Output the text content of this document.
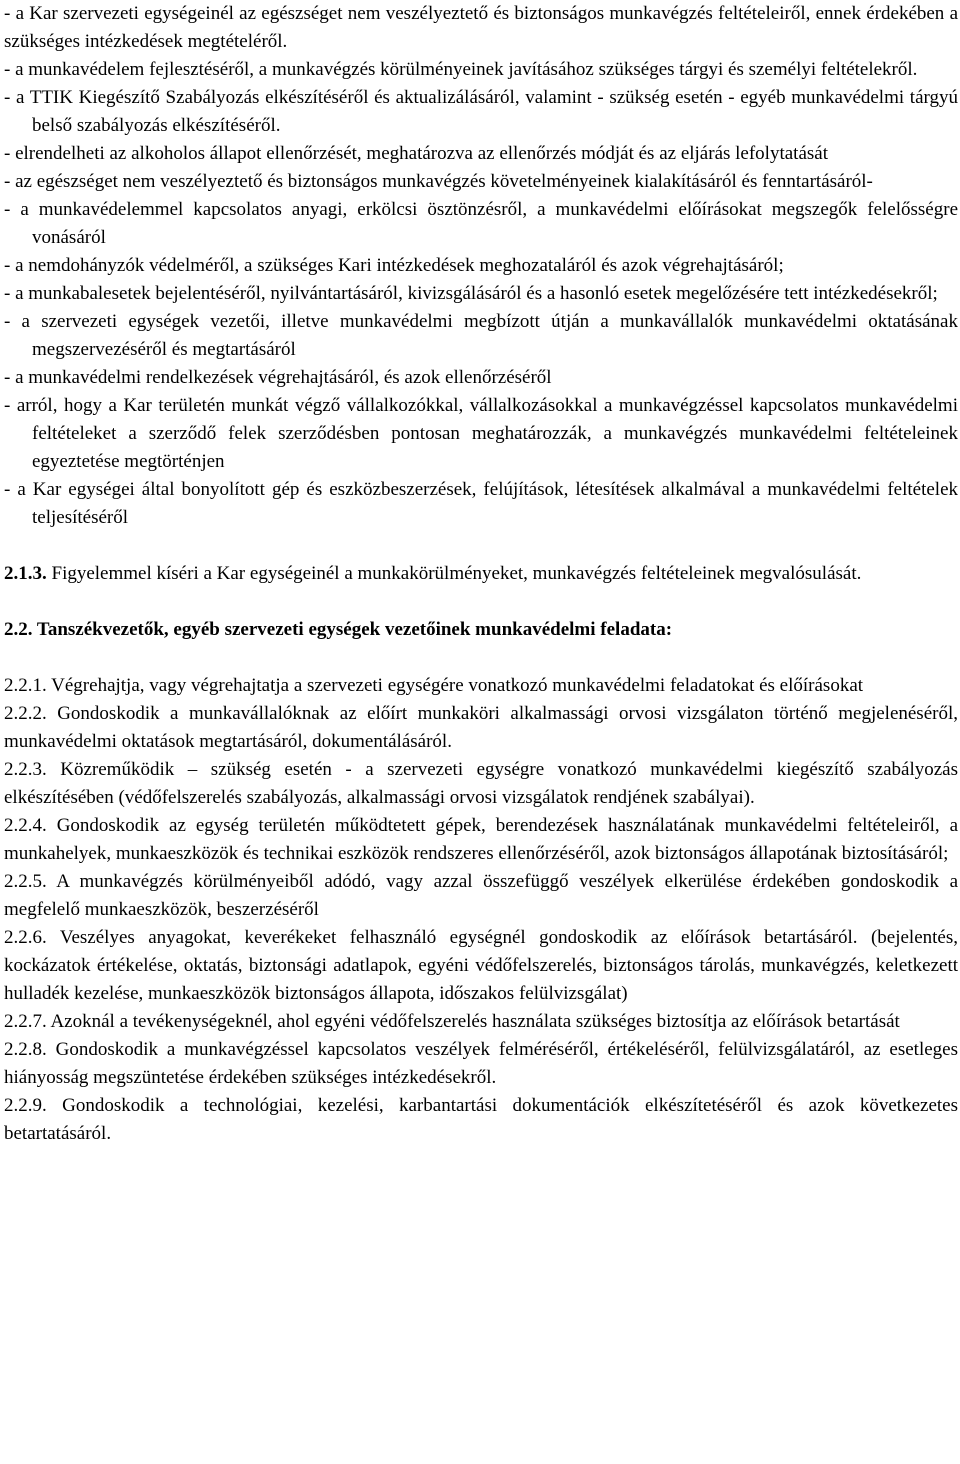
- a Kar szervezeti egységeinél az egészséget nem veszélyeztető és biztonságos munkavégzés feltételeiről, ennek érdekében a szükséges intézkedések megtételéről.

- a munkavédelem fejlesztéséről, a munkavégzés körülményeinek javításához szükséges tárgyi és személyi feltételekről.

- a TTIK Kiegészítő Szabályozás elkészítéséről és aktualizálásáról, valamint - szükség esetén - egyéb munkavédelmi tárgyú belső szabályozás elkészítéséről.

- elrendelheti az alkoholos állapot ellenőrzését, meghatározva az ellenőrzés módját és az eljárás lefolytatását

- az egészséget nem veszélyeztető és biztonságos munkavégzés követelményeinek kialakításáról és fenntartásáról-

- a munkavédelemmel kapcsolatos anyagi, erkölcsi ösztönzésről, a munkavédelmi előírásokat megszegők felelősségre vonásáról

- a nemdohányzók védelméről, a szükséges Kari intézkedések meghozataláról és azok végrehajtásáról;

- a munkabalesetek bejelentéséről, nyilvántartásáról, kivizsgálásáról és a hasonló esetek megelőzésére tett intézkedésekről;

- a szervezeti egységek vezetői, illetve munkavédelmi megbízott útján a munkavállalók munkavédelmi oktatásának megszervezéséről és megtartásáról

- a munkavédelmi rendelkezések végrehajtásáról, és azok ellenőrzéséről

- arról, hogy a Kar területén munkát végző vállalkozókkal, vállalkozásokkal a munkavégzéssel kapcsolatos munkavédelmi feltételeket a szerződő felek szerződésben pontosan meghatározzák, a munkavégzés munkavédelmi feltételeinek egyeztetése megtörténjen

- a Kar egységei által bonyolított gép és eszközbeszerzések, felújítások, létesítések alkalmával a munkavédelmi feltételek teljesítéséről

2.1.3. Figyelemmel kíséri a Kar egységeinél a munkakörülményeket, munkavégzés feltételeinek megvalósulását.

2.2. Tanszékvezetők, egyéb szervezeti egységek vezetőinek munkavédelmi feladata:

2.2.1. Végrehajtja, vagy végrehajtatja a szervezeti egységére vonatkozó munkavédelmi feladatokat és előírásokat

2.2.2. Gondoskodik a munkavállalóknak az előírt munkaköri alkalmassági orvosi vizsgálaton történő megjelenéséről, munkavédelmi oktatások megtartásáról, dokumentálásáról.

2.2.3. Közreműködik – szükség esetén - a szervezeti egységre vonatkozó munkavédelmi kiegészítő szabályozás elkészítésében (védőfelszerelés szabályozás, alkalmassági orvosi vizsgálatok rendjének szabályai).

2.2.4. Gondoskodik az egység területén működtetett gépek, berendezések használatának munkavédelmi feltételeiről, a munkahelyek, munkaeszközök és technikai eszközök rendszeres ellenőrzéséről, azok biztonságos állapotának biztosításáról;

2.2.5. A munkavégzés körülményeiből adódó, vagy azzal összefüggő veszélyek elkerülése érdekében gondoskodik a megfelelő munkaeszközök, beszerzéséről

2.2.6. Veszélyes anyagokat, keverékeket felhasználó egységnél gondoskodik az előírások betartásáról. (bejelentés, kockázatok értékelése, oktatás, biztonsági adatlapok, egyéni védőfelszerelés, biztonságos tárolás, munkavégzés, keletkezett hulladék kezelése, munkaeszközök biztonságos állapota, időszakos felülvizsgálat)

2.2.7. Azoknál a tevékenységeknél, ahol egyéni védőfelszerelés használata szükséges biztosítja az előírások betartását

2.2.8. Gondoskodik a munkavégzéssel kapcsolatos veszélyek felméréséről, értékeléséről, felülvizsgálatáról, az esetleges hiányosság megszüntetése érdekében szükséges intézkedésekről.

2.2.9. Gondoskodik a technológiai, kezelési, karbantartási dokumentációk elkészítetéséről és azok következetes betartatásáról.
